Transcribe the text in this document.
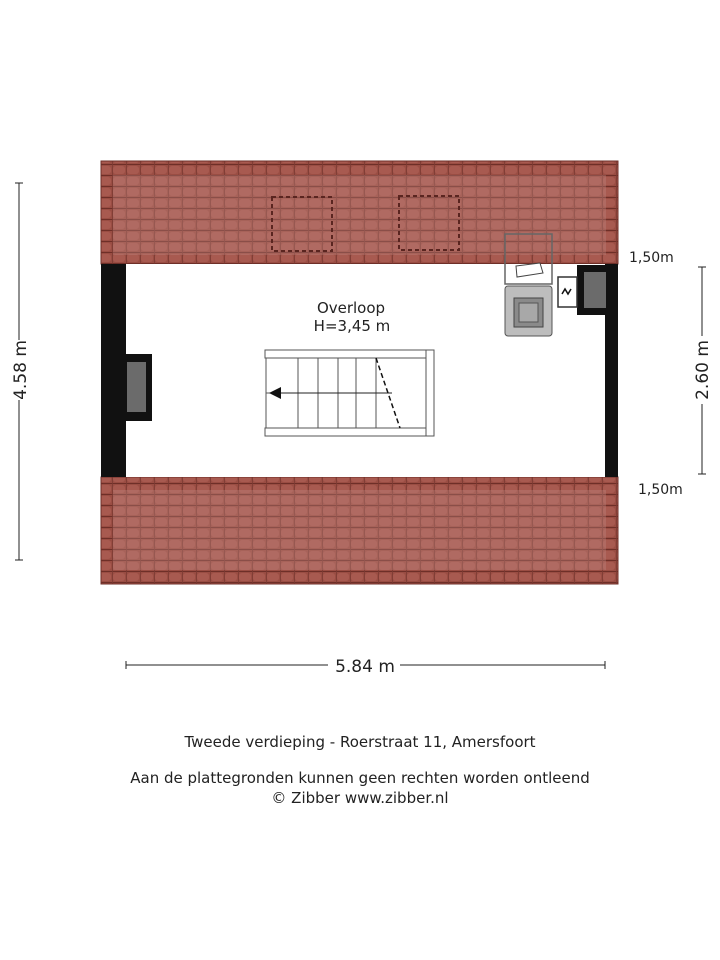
Overloop
H=3,45 m
4.58 m	2.60 m
1,50m
1,50m
5.84 m
Tweede verdieping - Roerstraat 11, Amersfoort
Aan de plattegronden kunnen geen rechten worden ontleend
© Zibber www.zibber.nl
